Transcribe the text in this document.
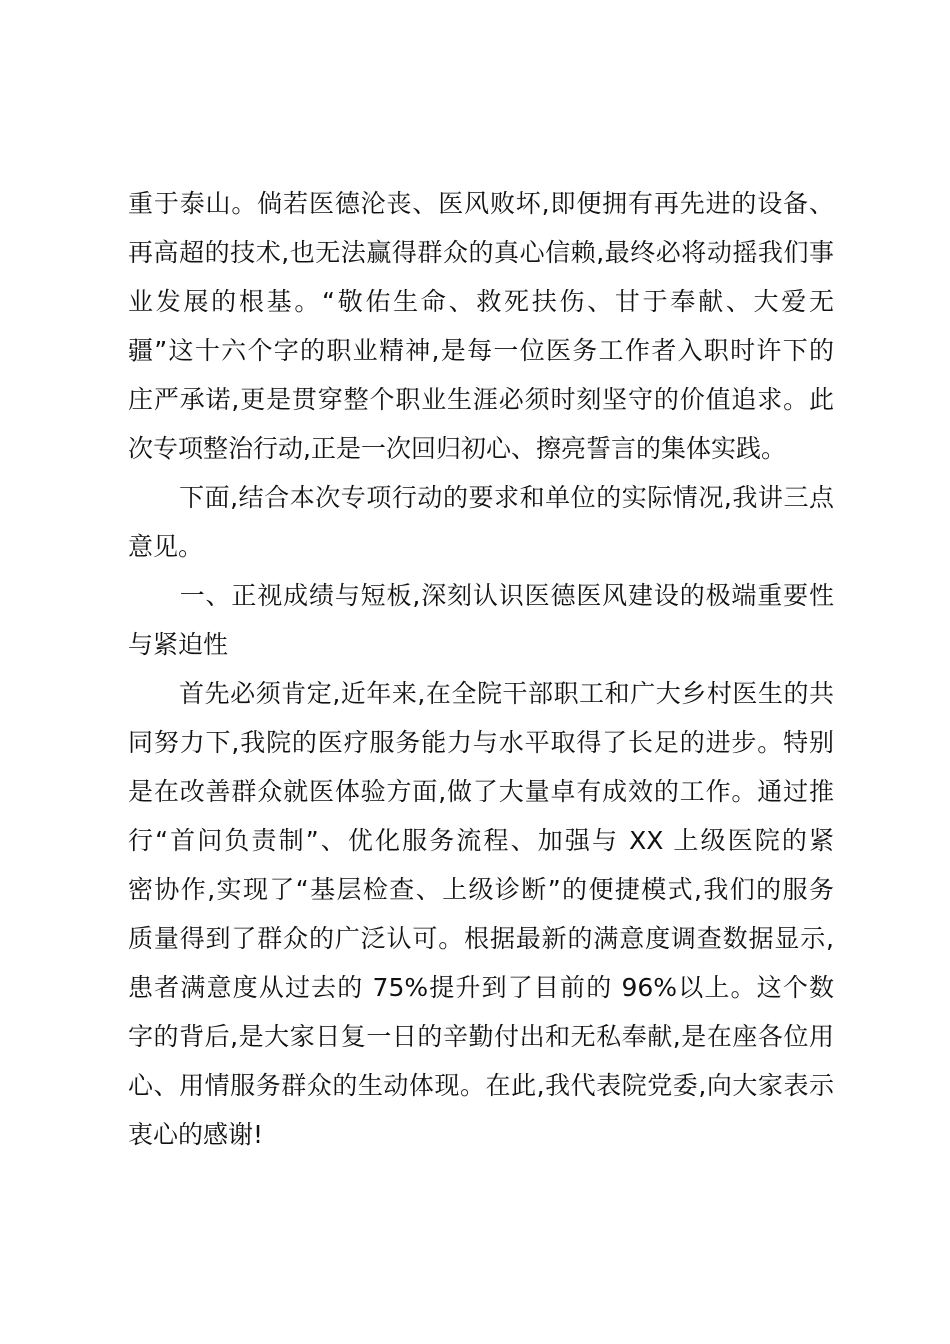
重于泰山。倘若医德沦丧、医风败坏,即便拥有再先进的设备、
再高超的技术,也无法赢得群众的真心信赖,最终必将动摇我们事
业发展的根基。“敬佑生命、救死扶伤、甘于奉献、大爱无
疆”这十六个字的职业精神,是每一位医务工作者入职时许下的
庄严承诺,更是贯穿整个职业生涯必须时刻坚守的价值追求。此
次专项整治行动,正是一次回归初心、擦亮誓言的集体实践。
　　下面,结合本次专项行动的要求和单位的实际情况,我讲三点
意见。
　　一、正视成绩与短板,深刻认识医德医风建设的极端重要性
与紧迫性
　　首先必须肯定,近年来,在全院干部职工和广大乡村医生的共
同努力下,我院的医疗服务能力与水平取得了长足的进步。特别
是在改善群众就医体验方面,做了大量卓有成效的工作。通过推
行“首问负责制”、优化服务流程、加强与 XX 上级医院的紧
密协作,实现了“基层检查、上级诊断”的便捷模式,我们的服务
质量得到了群众的广泛认可。根据最新的满意度调查数据显示,
患者满意度从过去的 75%提升到了目前的 96%以上。这个数
字的背后,是大家日复一日的辛勤付出和无私奉献,是在座各位用
心、用情服务群众的生动体现。在此,我代表院党委,向大家表示
衷心的感谢!
